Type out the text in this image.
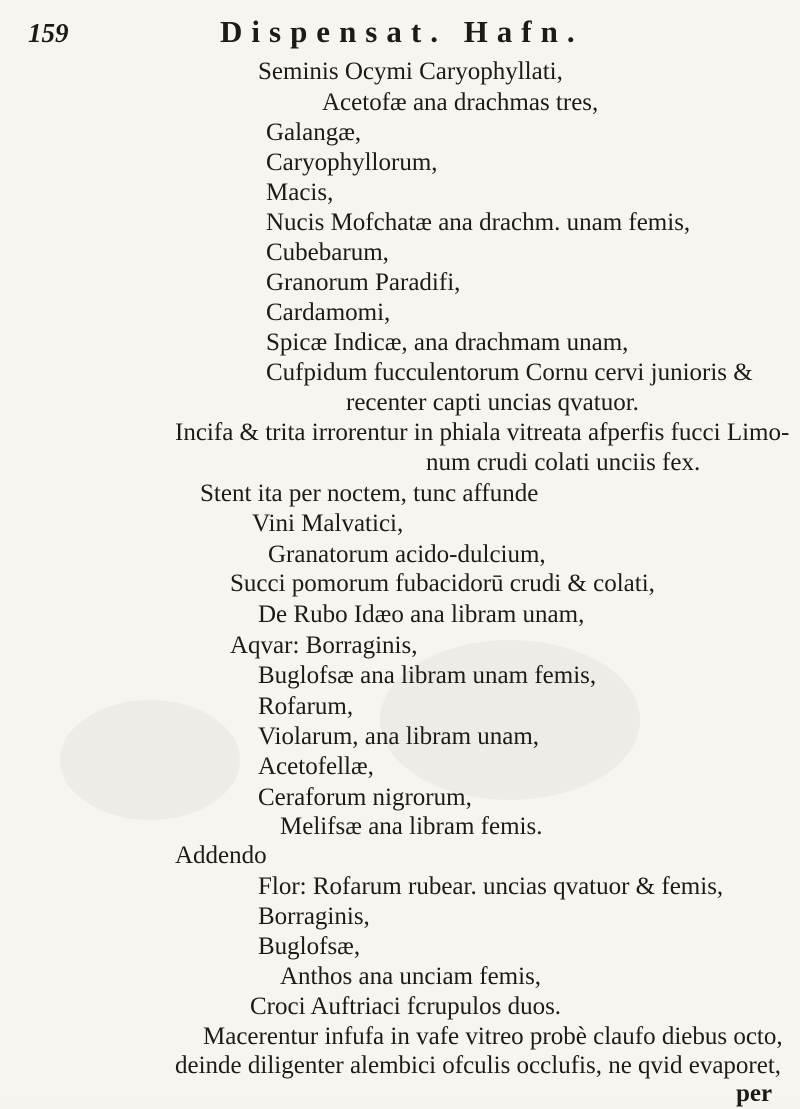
159	Dispensat. Hafn.
Seminis Ocymi Caryophyllati,
Acetofæ ana drachmas tres,
Galangæ,
Caryophyllorum,
Macis,
Nucis Mofchatæ ana drachm. unam femis,
Cubebarum,
Granorum Paradifi,
Cardamomi,
Spicæ Indicæ, ana drachmam unam,
Cufpidum fucculentorum Cornu cervi junioris &
recenter capti uncias qvatuor.
Incifa & trita irrorentur in phiala vitreata afperfis fucci Limo-
num crudi colati unciis fex.
Stent ita per noctem, tunc affunde
Vini Malvatici,
Granatorum acido-dulcium,
Succi pomorum fubacidorū crudi & colati,
De Rubo Idæo ana libram unam,
Aqvar: Borraginis,
Buglofsæ ana libram unam femis,
Rofarum,
Violarum, ana libram unam,
Acetofellæ,
Ceraforum nigrorum,
Melifsæ ana libram femis.
Addendo
Flor: Rofarum rubear. uncias qvatuor & femis,
Borraginis,
Buglofsæ,
Anthos ana unciam femis,
Croci Auftriaci fcrupulos duos.
Macerentur infufa in vafe vitreo probè claufo diebus octo,
deinde diligenter alembici ofculis occlufis, ne qvid evaporet,
per
